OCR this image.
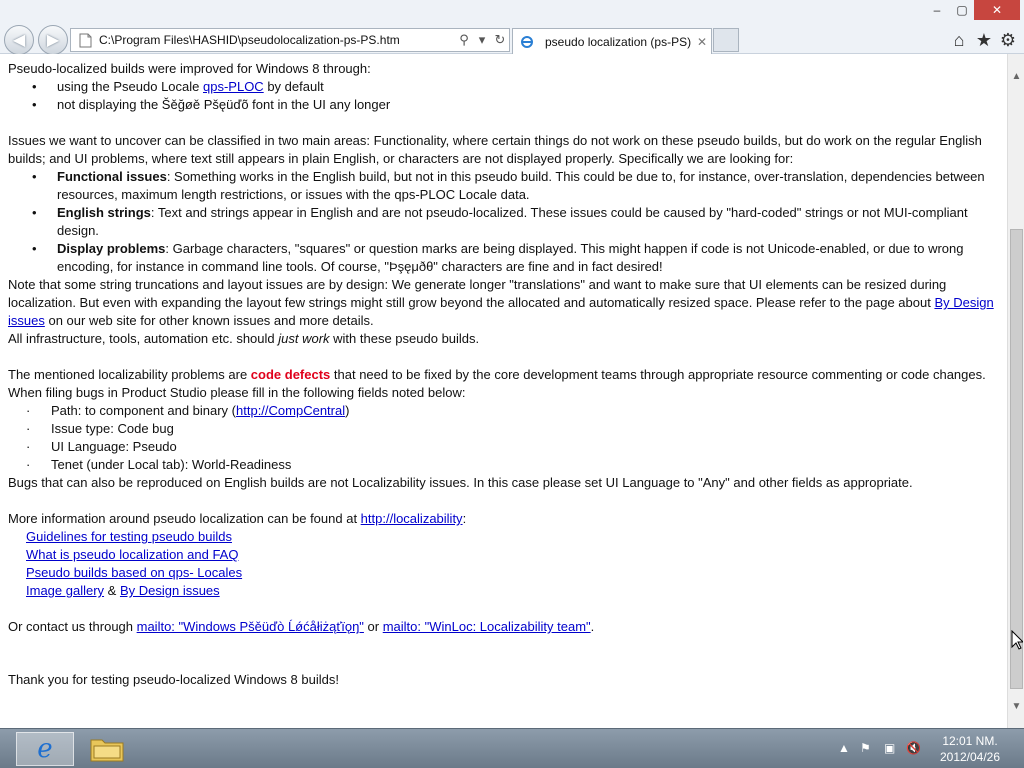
◀ ▶	C:\Program Files\HASHID\pseudolocalization-ps-PS.htm	⚲ ▾ ↻	pseudo localization (ps-PS) ✕
–	▢	✕
⌂ ★ ⚙

Pseudo-localized builds were improved for Windows 8 through:

• using the Pseudo Locale qps-PLOC by default
• not displaying the Šěğøě Pšęüďõ font in the UI any longer

Issues we want to uncover can be classified in two main areas: Functionality, where certain things do not work on these pseudo builds, but do work on the regular English builds; and UI problems, where text still appears in plain English, or characters are not displayed properly. Specifically we are looking for:

• Functional issues: Something works in the English build, but not in this pseudo build. This could be due to, for instance, over-translation, dependencies between resources, maximum length restrictions, or issues with the qps-PLOC Locale data.
• English strings: Text and strings appear in English and are not pseudo-localized. These issues could be caused by "hard-coded" strings or not MUI-compliant design.
• Display problems: Garbage characters, "squares" or question marks are being displayed. This might happen if code is not Unicode-enabled, or due to wrong encoding, for instance in command line tools. Of course, "Þşęμðθ" characters are fine and in fact desired!

Note that some string truncations and layout issues are by design: We generate longer "translations" and want to make sure that UI elements can be resized during localization. But even with expanding the layout few strings might still grow beyond the allocated and automatically resized space. Please refer to the page about By Design issues on our web site for other known issues and more details.

All infrastructure, tools, automation etc. should just work with these pseudo builds.

The mentioned localizability problems are code defects that need to be fixed by the core development teams through appropriate resource commenting or code changes. When filing bugs in Product Studio please fill in the following fields noted below:

· Path: to component and binary (http://CompCentral)
· Issue type: Code bug
· UI Language: Pseudo
· Tenet (under Local tab): World-Readiness

Bugs that can also be reproduced on English builds are not Localizability issues. In this case please set UI Language to "Any" and other fields as appropriate.

More information around pseudo localization can be found at http://localizability:

Guidelines for testing pseudo builds

What is pseudo localization and FAQ

Pseudo builds based on qps- Locales

Image gallery & By Design issues

Or contact us through mailto: "Windows Pšěüďò Ĺǿćåłiżąťïǫŋ" or mailto: "WinLoc: Localizability team".

Thank you for testing pseudo-localized Windows 8 builds!

▲
▼
e	▲ ⚑ ▣ 🔇	12:01 NM.
2012/04/26
